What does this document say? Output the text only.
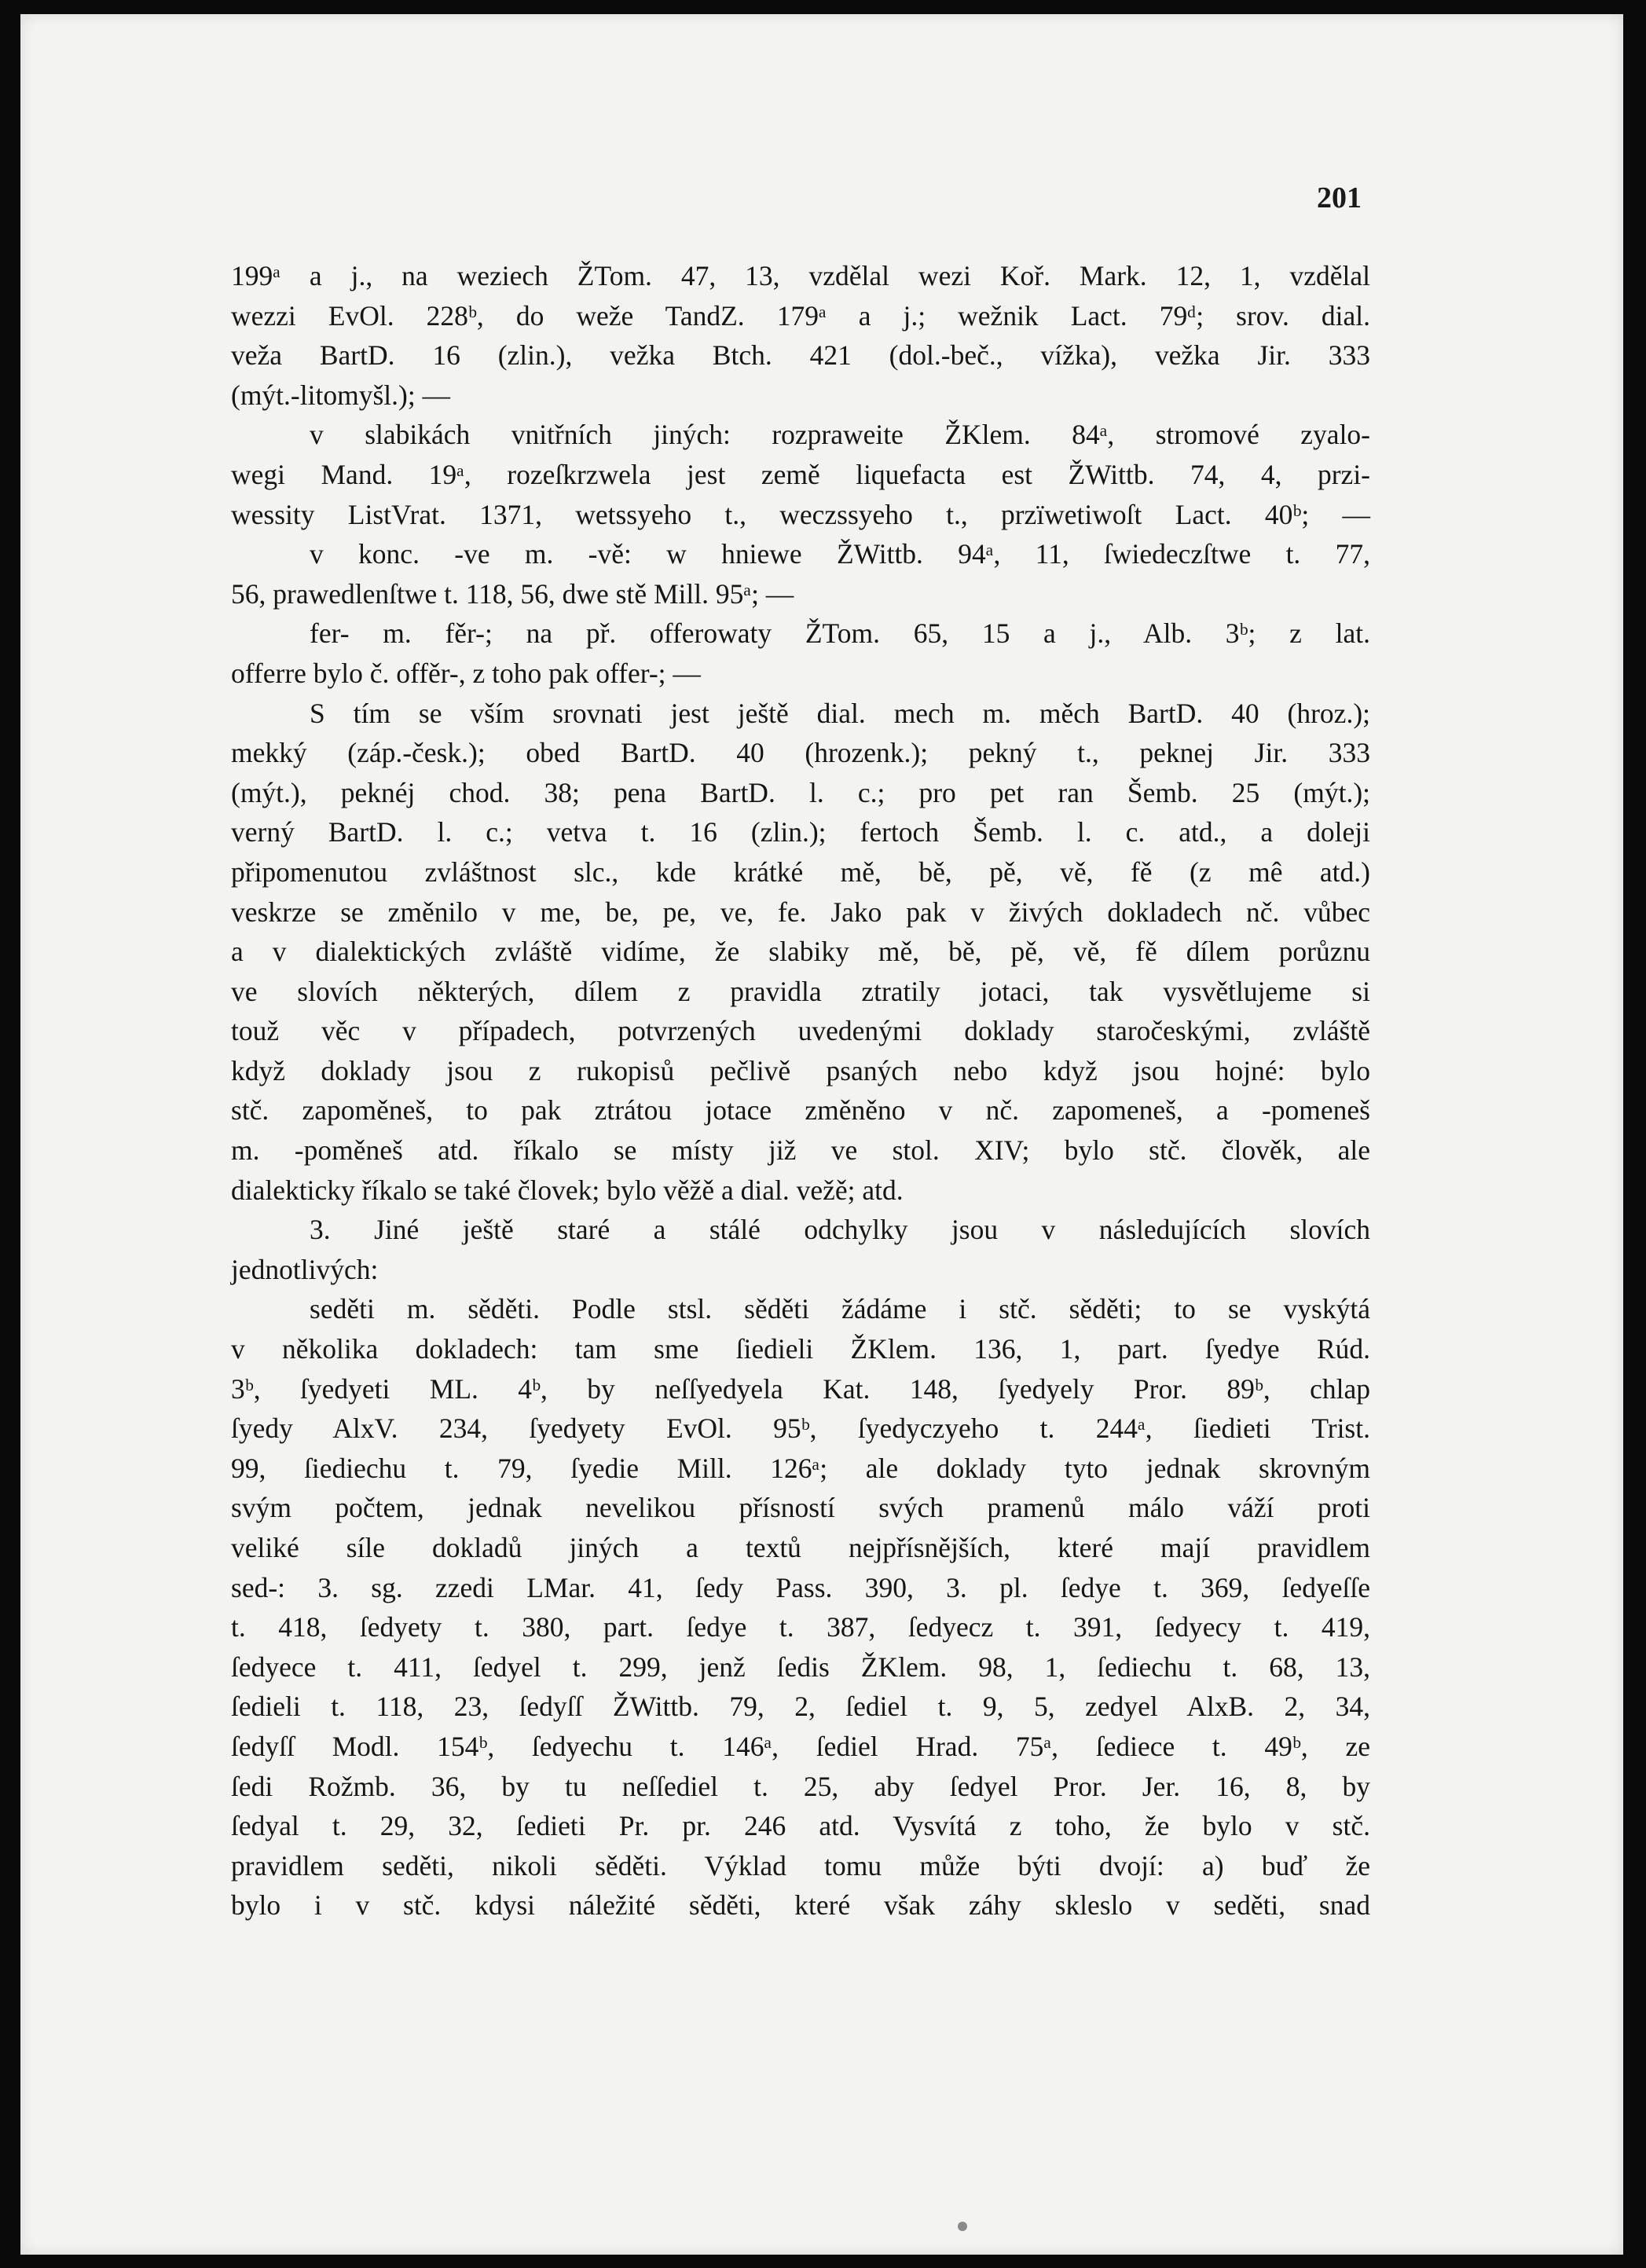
201
199ᵃ a j., na weziech ŽTom. 47, 13, vzdělal wezi Koř. Mark. 12, 1, vzdělal
wezzi EvOl. 228ᵇ, do weže TandZ. 179ᵃ a j.; wežnik Lact. 79ᵈ; srov. dial.
veža BartD. 16 (zlin.), vežka Btch. 421 (dol.-beč., vížka), vežka Jir. 333
(mýt.-litomyšl.); —
v slabikách vnitřních jiných: rozpraweite ŽKlem. 84ᵃ, stromové zyalo-
wegi Mand. 19ᵃ, rozeſkrzwela jest země liquefacta est ŽWittb. 74, 4, przi-
wessity ListVrat. 1371, wetssyeho t., weczssyeho t., przïwetiwoſt Lact. 40ᵇ; —
v konc. -ve m. -vě: w hniewe ŽWittb. 94ᵃ, 11, ſwiedeczſtwe t. 77,
56, prawedlenſtwe t. 118, 56, dwe stě Mill. 95ᵃ; —
fer- m. fěr-; na př. offerowaty ŽTom. 65, 15 a j., Alb. 3ᵇ; z lat.
offerre bylo č. offěr-, z toho pak offer-; —
S tím se vším srovnati jest ještě dial. mech m. měch BartD. 40 (hroz.);
mekký (záp.-česk.); obed BartD. 40 (hrozenk.); pekný t., peknej Jir. 333
(mýt.), peknéj chod. 38; pena BartD. l. c.; pro pet ran Šemb. 25 (mýt.);
verný BartD. l. c.; vetva t. 16 (zlin.); fertoch Šemb. l. c. atd., a doleji
připomenutou zvláštnost slc., kde krátké mě, bě, pě, vě, fě (z mê atd.)
veskrze se změnilo v me, be, pe, ve, fe. Jako pak v živých dokladech nč. vůbec
a v dialektických zvláště vidíme, že slabiky mě, bě, pě, vě, fě dílem porůznu
ve slovích některých, dílem z pravidla ztratily jotaci, tak vysvětlujeme si
touž věc v případech, potvrzených uvedenými doklady staročeskými, zvláště
když doklady jsou z rukopisů pečlivě psaných nebo když jsou hojné: bylo
stč. zapoměneš, to pak ztrátou jotace změněno v nč. zapomeneš, a -pomeneš
m. -poměneš atd. říkalo se místy již ve stol. XIV; bylo stč. člověk, ale
dialekticky říkalo se také človek; bylo věžě a dial. vežě; atd.
3. Jiné ještě staré a stálé odchylky jsou v následujících slovích
jednotlivých:
seděti m. sěděti. Podle stsl. sěděti žádáme i stč. sěděti; to se vyskýtá
v několika dokladech: tam sme ſiedieli ŽKlem. 136, 1, part. ſyedye Rúd.
3ᵇ, ſyedyeti ML. 4ᵇ, by neſſyedyela Kat. 148, ſyedyely Pror. 89ᵇ, chlap
ſyedy AlxV. 234, ſyedyety EvOl. 95ᵇ, ſyedyczyeho t. 244ᵃ, ſiedieti Trist.
99, ſiediechu t. 79, ſyedie Mill. 126ᵃ; ale doklady tyto jednak skrovným
svým počtem, jednak nevelikou přísností svých pramenů málo váží proti
veliké síle dokladů jiných a textů nejpřísnějších, které mají pravidlem
sed-: 3. sg. zzedi LMar. 41, ſedy Pass. 390, 3. pl. ſedye t. 369, ſedyeſſe
t. 418, ſedyety t. 380, part. ſedye t. 387, ſedyecz t. 391, ſedyecy t. 419,
ſedyece t. 411, ſedyel t. 299, jenž ſedis ŽKlem. 98, 1, ſediechu t. 68, 13,
ſedieli t. 118, 23, ſedyſſ ŽWittb. 79, 2, ſediel t. 9, 5, zedyel AlxB. 2, 34,
ſedyſſ Modl. 154ᵇ, ſedyechu t. 146ᵃ, ſediel Hrad. 75ᵃ, ſediece t. 49ᵇ, ze
ſedi Rožmb. 36, by tu neſſediel t. 25, aby ſedyel Pror. Jer. 16, 8, by
ſedyal t. 29, 32, ſedieti Pr. pr. 246 atd. Vysvítá z toho, že bylo v stč.
pravidlem seděti, nikoli sěděti. Výklad tomu může býti dvojí: a) buď že
bylo i v stč. kdysi náležité sěděti, které však záhy skleslo v seděti, snad
